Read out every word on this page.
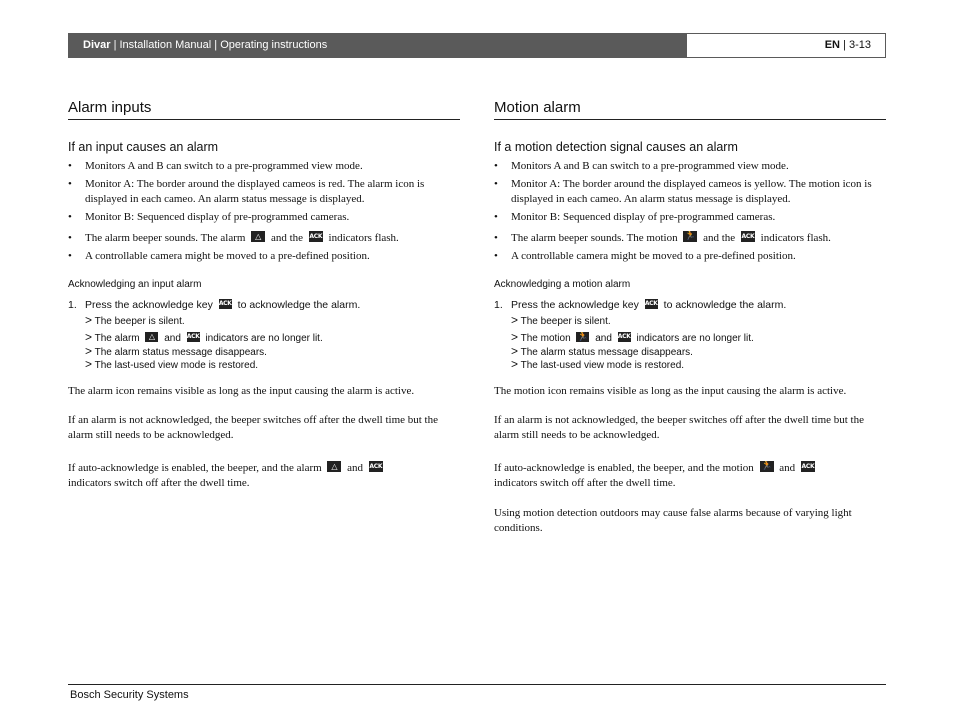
Divar | Installation Manual | Operating instructions	EN | 3-13
Alarm inputs
If an input causes an alarm
• Monitors A and B can switch to a pre-programmed view mode.
• Monitor A: The border around the displayed cameos is red. The alarm icon is displayed in each cameo. An alarm status message is displayed.
• Monitor B: Sequenced display of pre-programmed cameras.
• The alarm beeper sounds. The alarm △ and the ACK indicators flash.
• A controllable camera might be moved to a pre-defined position.
Acknowledging an input alarm
1. Press the acknowledge key ACK to acknowledge the alarm.
> The beeper is silent.
> The alarm △ and ACK indicators are no longer lit.
> The alarm status message disappears.
> The last-used view mode is restored.
The alarm icon remains visible as long as the input causing the alarm is active.
If an alarm is not acknowledged, the beeper switches off after the dwell time but the alarm still needs to be acknowledged.
If auto-acknowledge is enabled, the beeper, and the alarm △ and ACK
indicators switch off after the dwell time.
Motion alarm
If a motion detection signal causes an alarm
• Monitors A and B can switch to a pre-programmed view mode.
• Monitor A: The border around the displayed cameos is yellow. The motion icon is displayed in each cameo. An alarm status message is displayed.
• Monitor B: Sequenced display of pre-programmed cameras.
• The alarm beeper sounds. The motion 🏃 and the ACK indicators flash.
• A controllable camera might be moved to a pre-defined position.
Acknowledging a motion alarm
1. Press the acknowledge key ACK to acknowledge the alarm.
> The beeper is silent.
> The motion 🏃 and ACK indicators are no longer lit.
> The alarm status message disappears.
> The last-used view mode is restored.
The motion icon remains visible as long as the input causing the alarm is active.
If an alarm is not acknowledged, the beeper switches off after the dwell time but the alarm still needs to be acknowledged.
If auto-acknowledge is enabled, the beeper, and the motion 🏃 and ACK
indicators switch off after the dwell time.
Using motion detection outdoors may cause false alarms because of varying light conditions.
Bosch Security Systems
